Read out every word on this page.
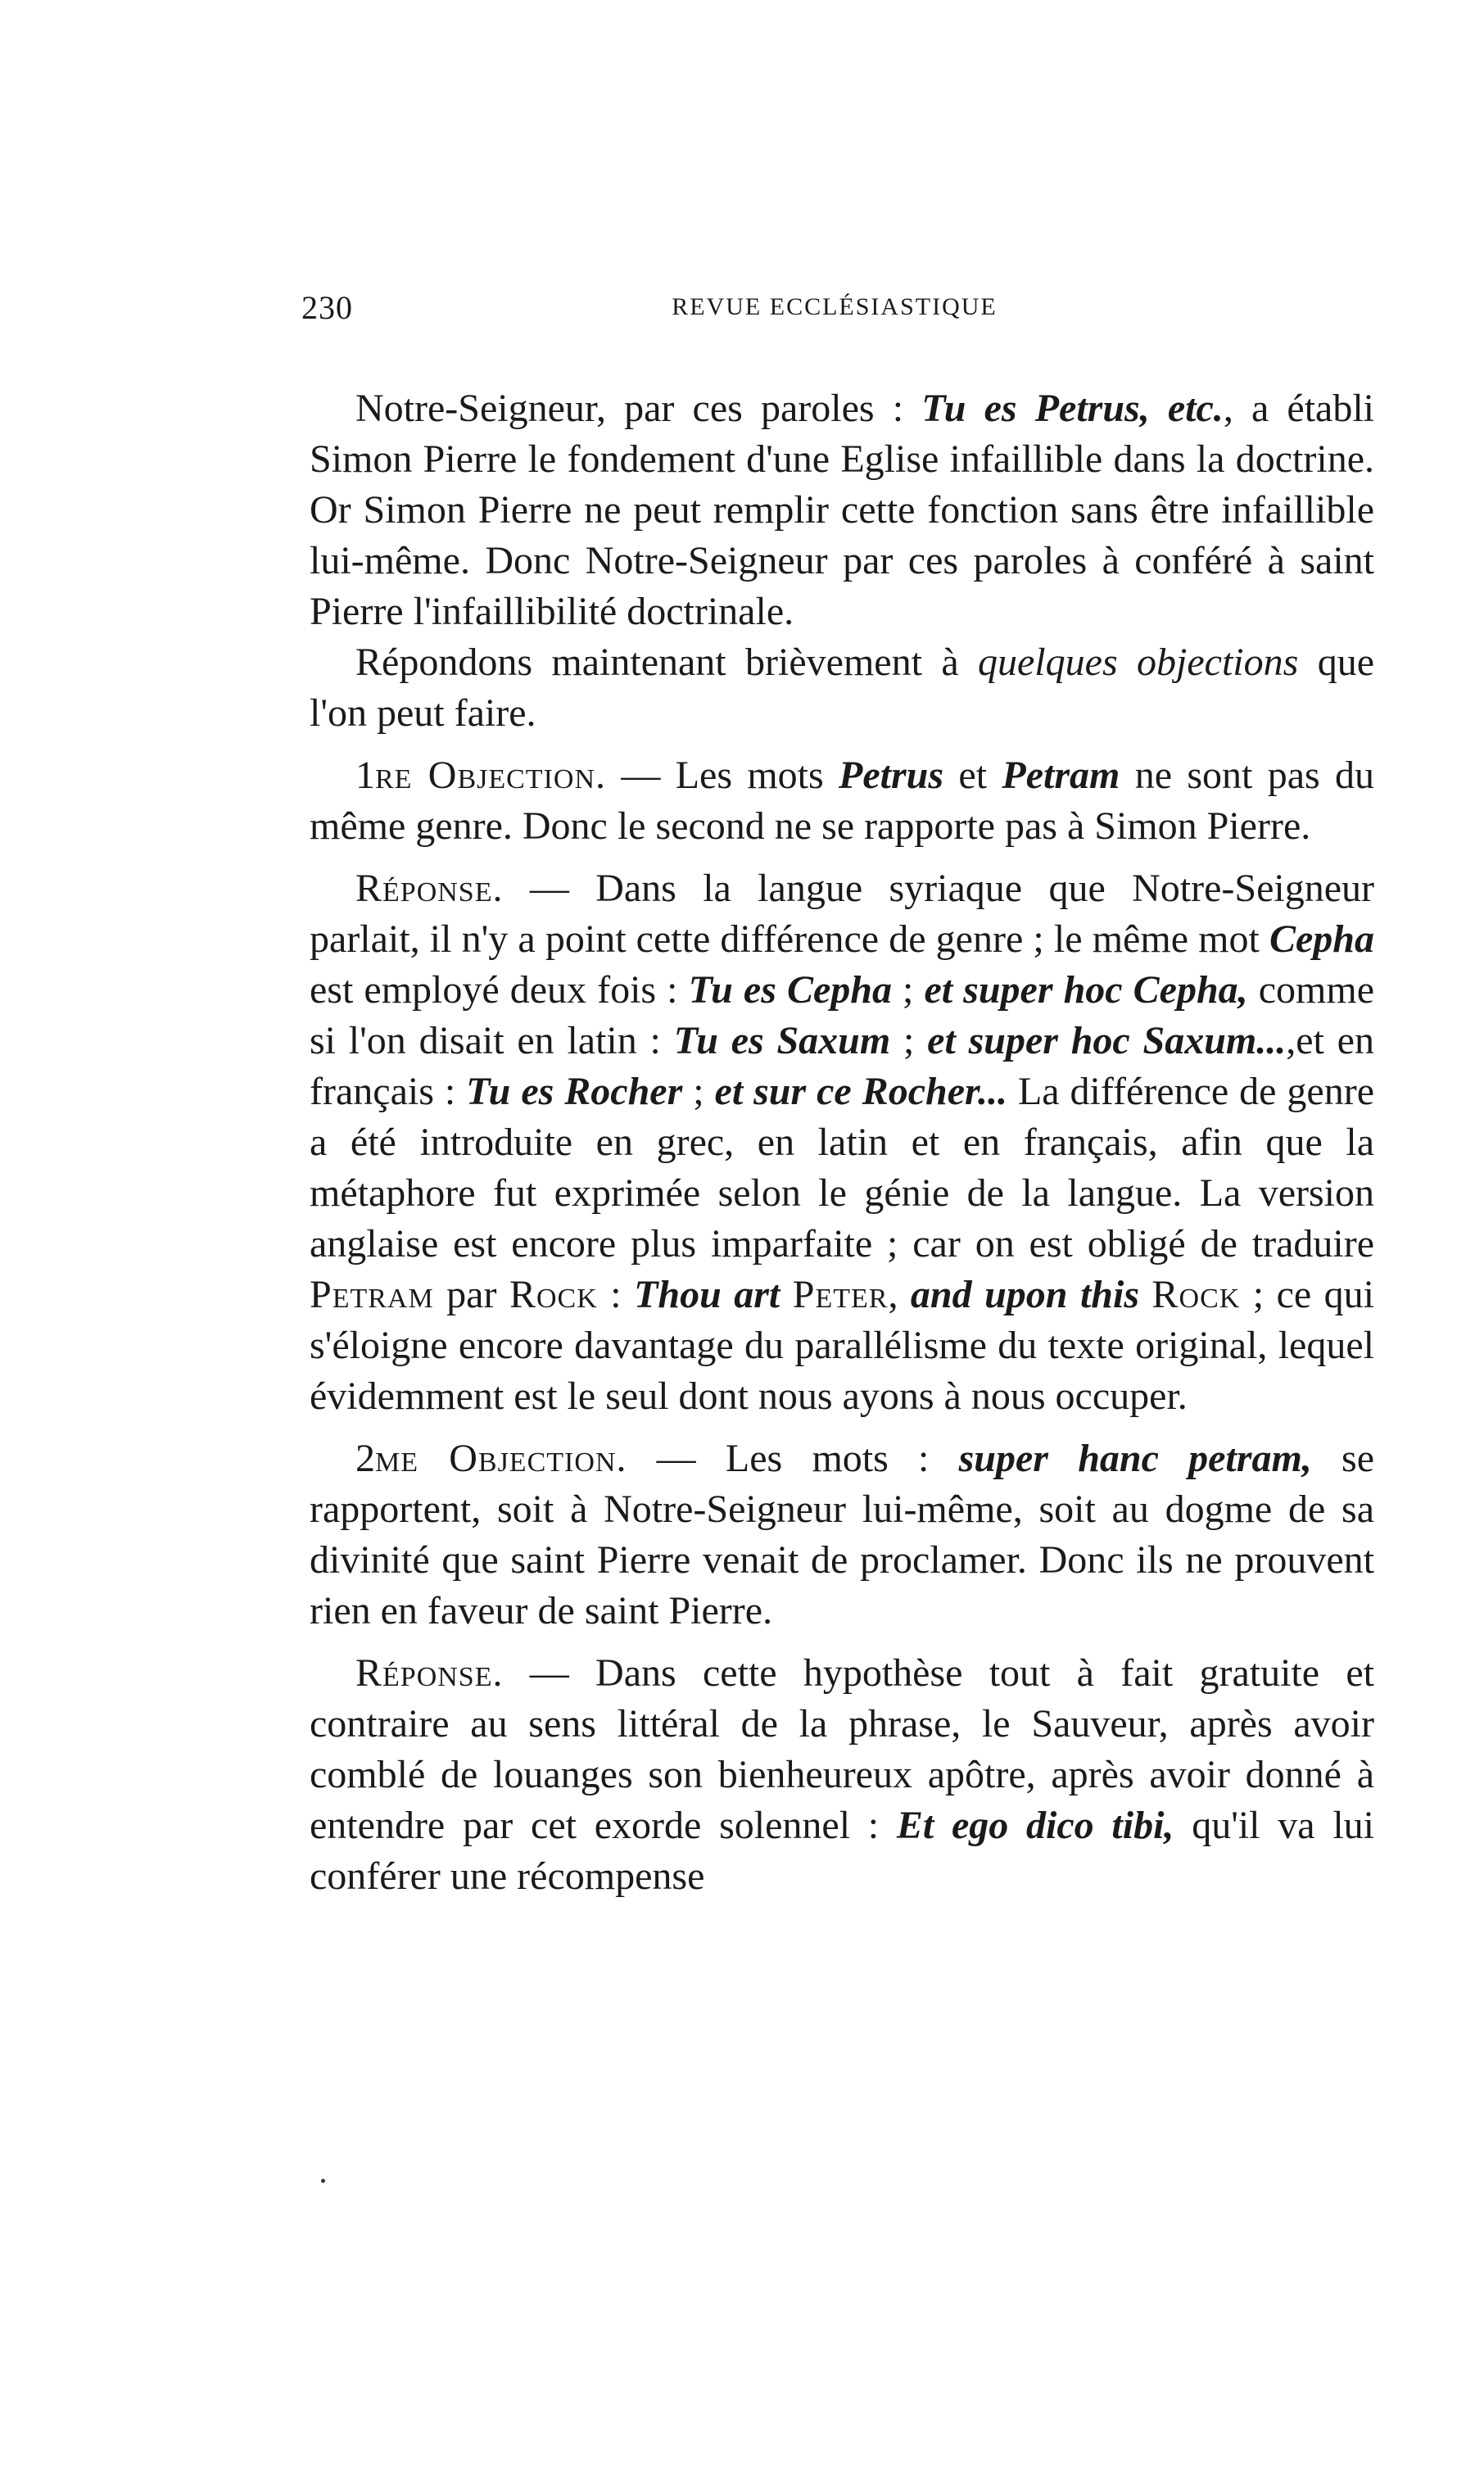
230	REVUE ECCLÉSIASTIQUE

Notre-Seigneur, par ces paroles : Tu es Petrus, etc., a établi Simon Pierre le fondement d'une Eglise infaillible dans la doctrine. Or Simon Pierre ne peut remplir cette fonction sans être infaillible lui-même. Donc Notre-Seigneur par ces paroles à conféré à saint Pierre l'infaillibilité doctrinale.

Répondons maintenant brièvement à quelques objections que l'on peut faire.

1re Objection. — Les mots Petrus et Petram ne sont pas du même genre. Donc le second ne se rapporte pas à Simon Pierre.

Réponse. — Dans la langue syriaque que Notre-Seigneur parlait, il n'y a point cette différence de genre ; le même mot Cepha est employé deux fois : Tu es Cepha ; et super hoc Cepha, comme si l'on disait en latin : Tu es Saxum ; et super hoc Saxum...,et en français : Tu es Rocher ; et sur ce Rocher... La différence de genre a été introduite en grec, en latin et en français, afin que la métaphore fut exprimée selon le génie de la langue. La version anglaise est encore plus imparfaite ; car on est obligé de traduire Petram par Rock : Thou art Peter, and upon this Rock ; ce qui s'éloigne encore davantage du parallélisme du texte original, lequel évidemment est le seul dont nous ayons à nous occuper.

2me Objection. — Les mots : super hanc petram, se rapportent, soit à Notre-Seigneur lui-même, soit au dogme de sa divinité que saint Pierre venait de proclamer. Donc ils ne prouvent rien en faveur de saint Pierre.

Réponse. — Dans cette hypothèse tout à fait gratuite et contraire au sens littéral de la phrase, le Sauveur, après avoir comblé de louanges son bienheureux apôtre, après avoir donné à entendre par cet exorde solennel : Et ego dico tibi, qu'il va lui conférer une récompense
